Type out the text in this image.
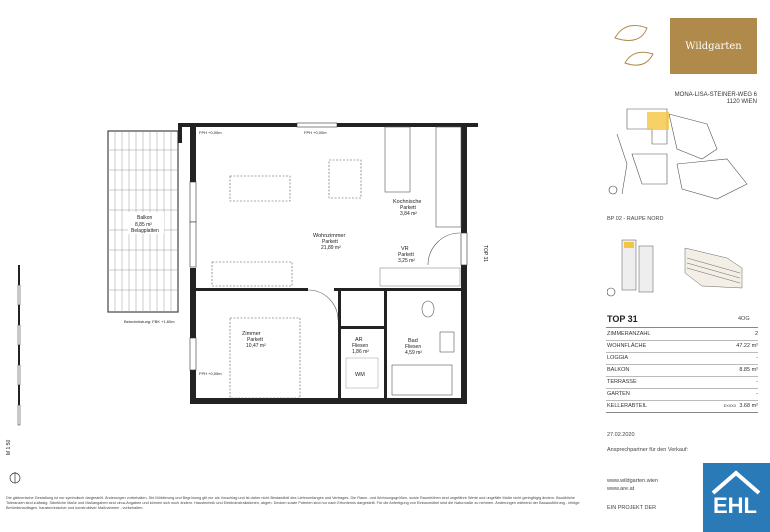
Balkon
8,85 m²
Belagplatten
Betonbrüstung: FBK +1,60m
FPH +0,00m
FPH +0,00m
FPH +0,00m
Kochnische
Parkett
3,84 m²
Wohnzimmer
Parkett
21,89 m²	VR
Parkett
3,25 m²	TOP 31
Zimmer
Parkett
10,47 m²
AR
Fliesen
1,86 m²
WM
Bad
Fliesen
4,59 m²
M 1:50
Wildgarten
MONA-LISA-STEINER-WEG 6
1120 WIEN
BP 02 - RAUPE NORD
TOP 31	4OG
ZIMMERANZAHL	2
WOHNFLÄCHE	47.22 m²
LOGGIA	-
BALKON	8.85 m²
TERRASSE	-
GARTEN	-
KELLERABTEIL	EXXXX 3.68 m²
27.02.2020
Ansprechpartner für den Verkauf:
www.wildgarten.wien
www.are.at
EIN PROJEKT DER	EHL
Die gärtnerische Gestaltung ist nur symbolisch dargestellt. Änderungen vorbehalten. Die Möblierung und Begrünung gilt nur als Vorschlag und ist daher nicht Bestandteil des Lieferumfanges und Vertrages. Die Raum- und Wohnungsgrößen, sowie Raumhöhen sind ungefähre Werte und ungefähr Maße nicht geringfügig ändern. Bauübliche Toleranzen sind zulässig. Sämtliche Maße und Maßangaben sind circa-Angaben und können sich noch ändern. Haustechnik und Elektroinstrallationen, abgeh. Decken sowie Poterien sind nur nach Erfordernis dargestellt. Für die Anfertigung von Einbaumöbel sind die Naturmaße zu nehmen. Änderungen während der Bauausführung - infolge Behördenauflagen, haustechnischer und konstruktiver Maßnahmen - vorbehalten.
